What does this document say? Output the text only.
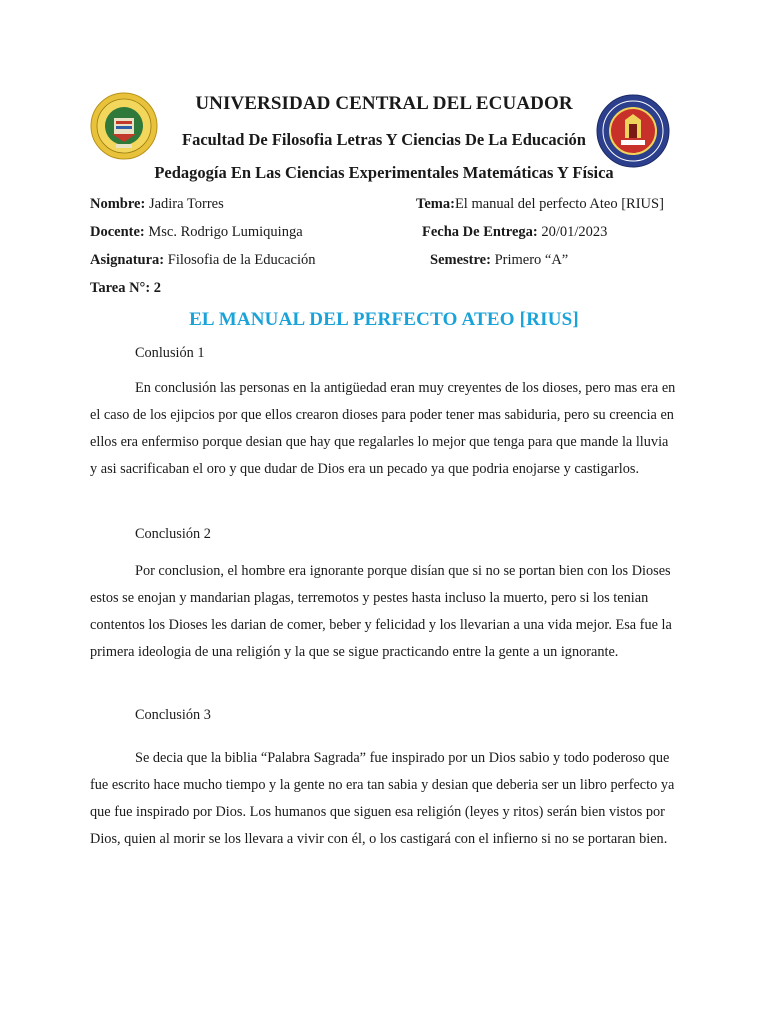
UNIVERSIDAD CENTRAL DEL ECUADOR
Facultad De Filosofia Letras Y Ciencias De La Educación
Pedagogía En Las Ciencias Experimentales Matemáticas Y Física
Nombre: Jadira Torres	Tema:El manual del perfecto Ateo [RIUS]
Docente: Msc. Rodrigo Lumiquinga	Fecha De Entrega: 20/01/2023
Asignatura: Filosofia de la Educación	Semestre: Primero “A”
Tarea N°: 2
EL MANUAL DEL PERFECTO ATEO [RIUS]
Conlusión 1
En conclusión las personas en la antigüedad eran muy creyentes de los dioses, pero mas era en el caso de los ejipcios por que ellos crearon dioses para poder tener mas sabiduria, pero su creencia en ellos era enfermiso porque desian que hay que regalarles lo mejor que tenga para que mande la lluvia y asi sacrificaban el oro y que dudar de Dios era un pecado ya que podria enojarse y castigarlos.
Conclusión 2
Por conclusion, el hombre era ignorante porque disían que si no se portan bien con los Dioses estos se enojan y mandarian plagas, terremotos y pestes hasta incluso la muerto, pero si los tenian contentos los Dioses les darian de comer, beber y felicidad y los llevarian a una vida mejor. Esa fue la primera ideologia de una religión y la que se sigue practicando entre la gente a un ignorante.
Conclusión 3
Se decia que la biblia “Palabra Sagrada” fue inspirado por un Dios sabio y todo poderoso que fue escrito hace mucho tiempo y la gente no era tan sabia y desian que deberia ser un libro perfecto ya que fue inspirado por Dios. Los humanos que siguen esa religión (leyes y ritos) serán bien vistos por Dios, quien al morir se los llevara a vivir con él, o los castigará con el infierno si no se portaran bien.
